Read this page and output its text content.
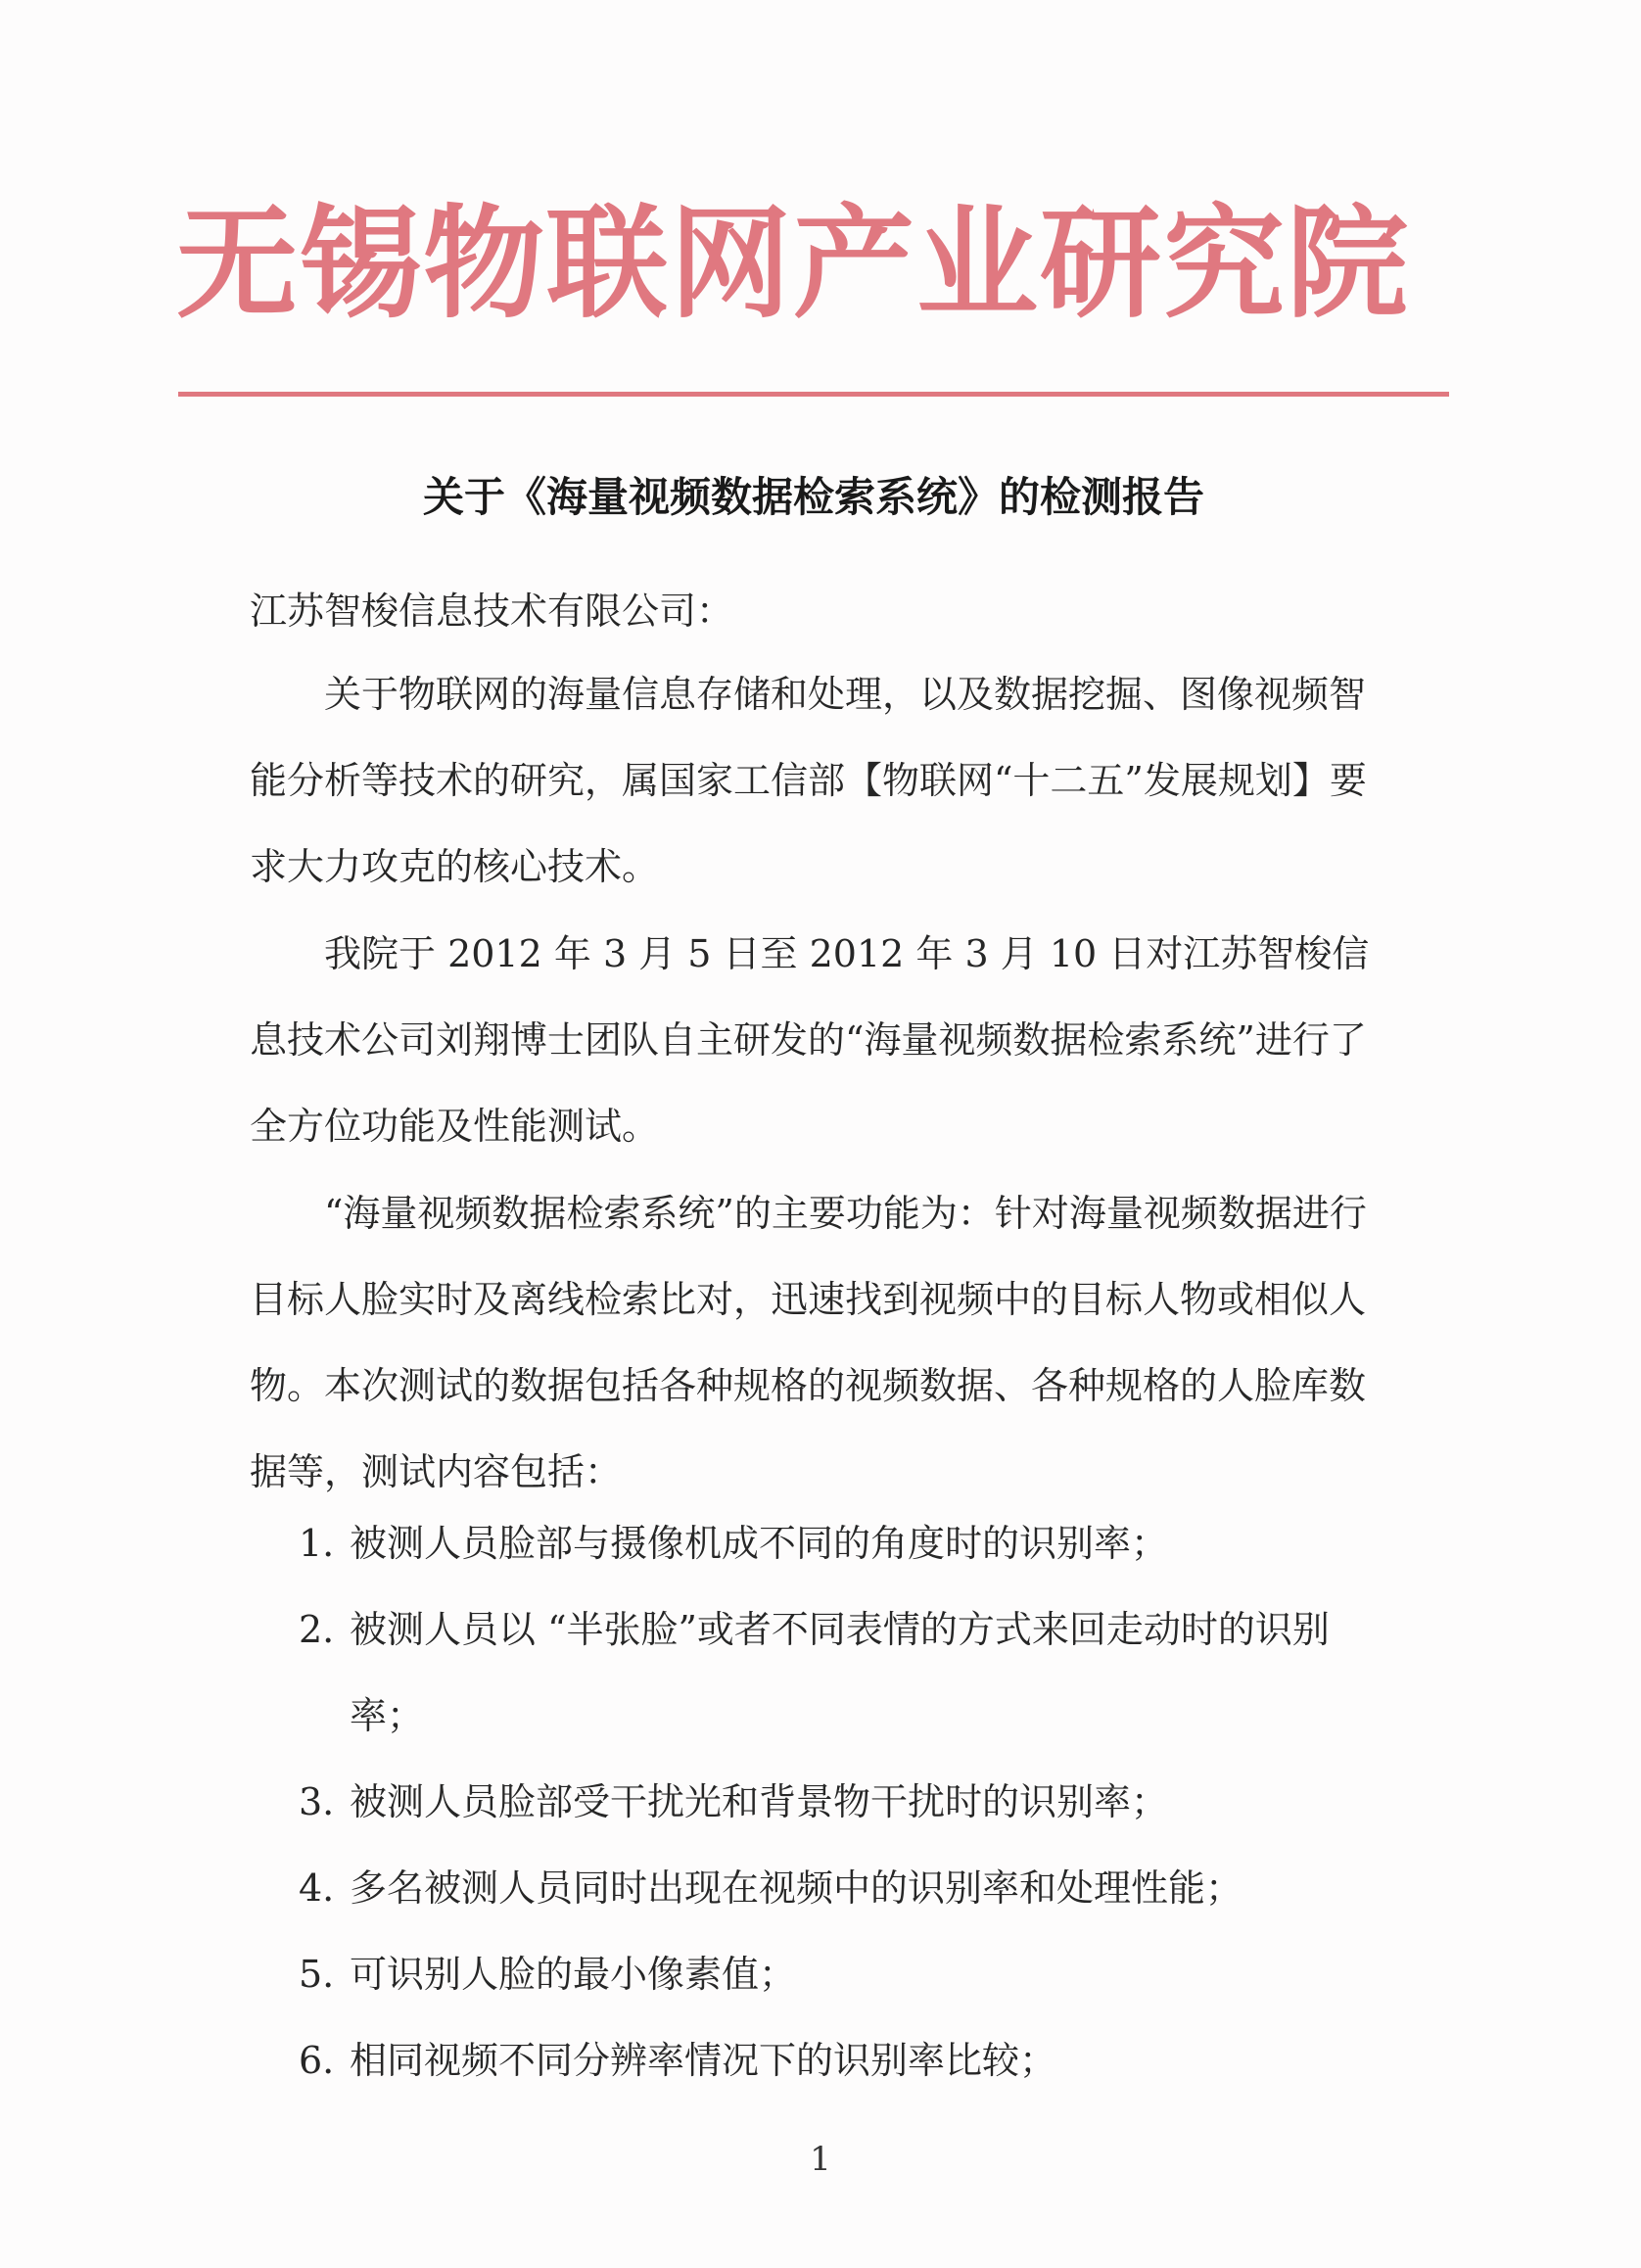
无锡物联网产业研究院
关于《海量视频数据检索系统》的检测报告
江苏智梭信息技术有限公司：

关于物联网的海量信息存储和处理，以及数据挖掘、图像视频智能分析等技术的研究，属国家工信部【物联网“十二五”发展规划】要求大力攻克的核心技术。

我院于 2012 年 3 月 5 日至 2012 年 3 月 10 日对江苏智梭信息技术公司刘翔博士团队自主研发的“海量视频数据检索系统”进行了全方位功能及性能测试。

“海量视频数据检索系统”的主要功能为：针对海量视频数据进行目标人脸实时及离线检索比对，迅速找到视频中的目标人物或相似人物。本次测试的数据包括各种规格的视频数据、各种规格的人脸库数据等，测试内容包括：

1. 被测人员脸部与摄像机成不同的角度时的识别率；
2. 被测人员以 “半张脸”或者不同表情的方式来回走动时的识别率；
3. 被测人员脸部受干扰光和背景物干扰时的识别率；
4. 多名被测人员同时出现在视频中的识别率和处理性能；
5. 可识别人脸的最小像素值；
6. 相同视频不同分辨率情况下的识别率比较；
1
